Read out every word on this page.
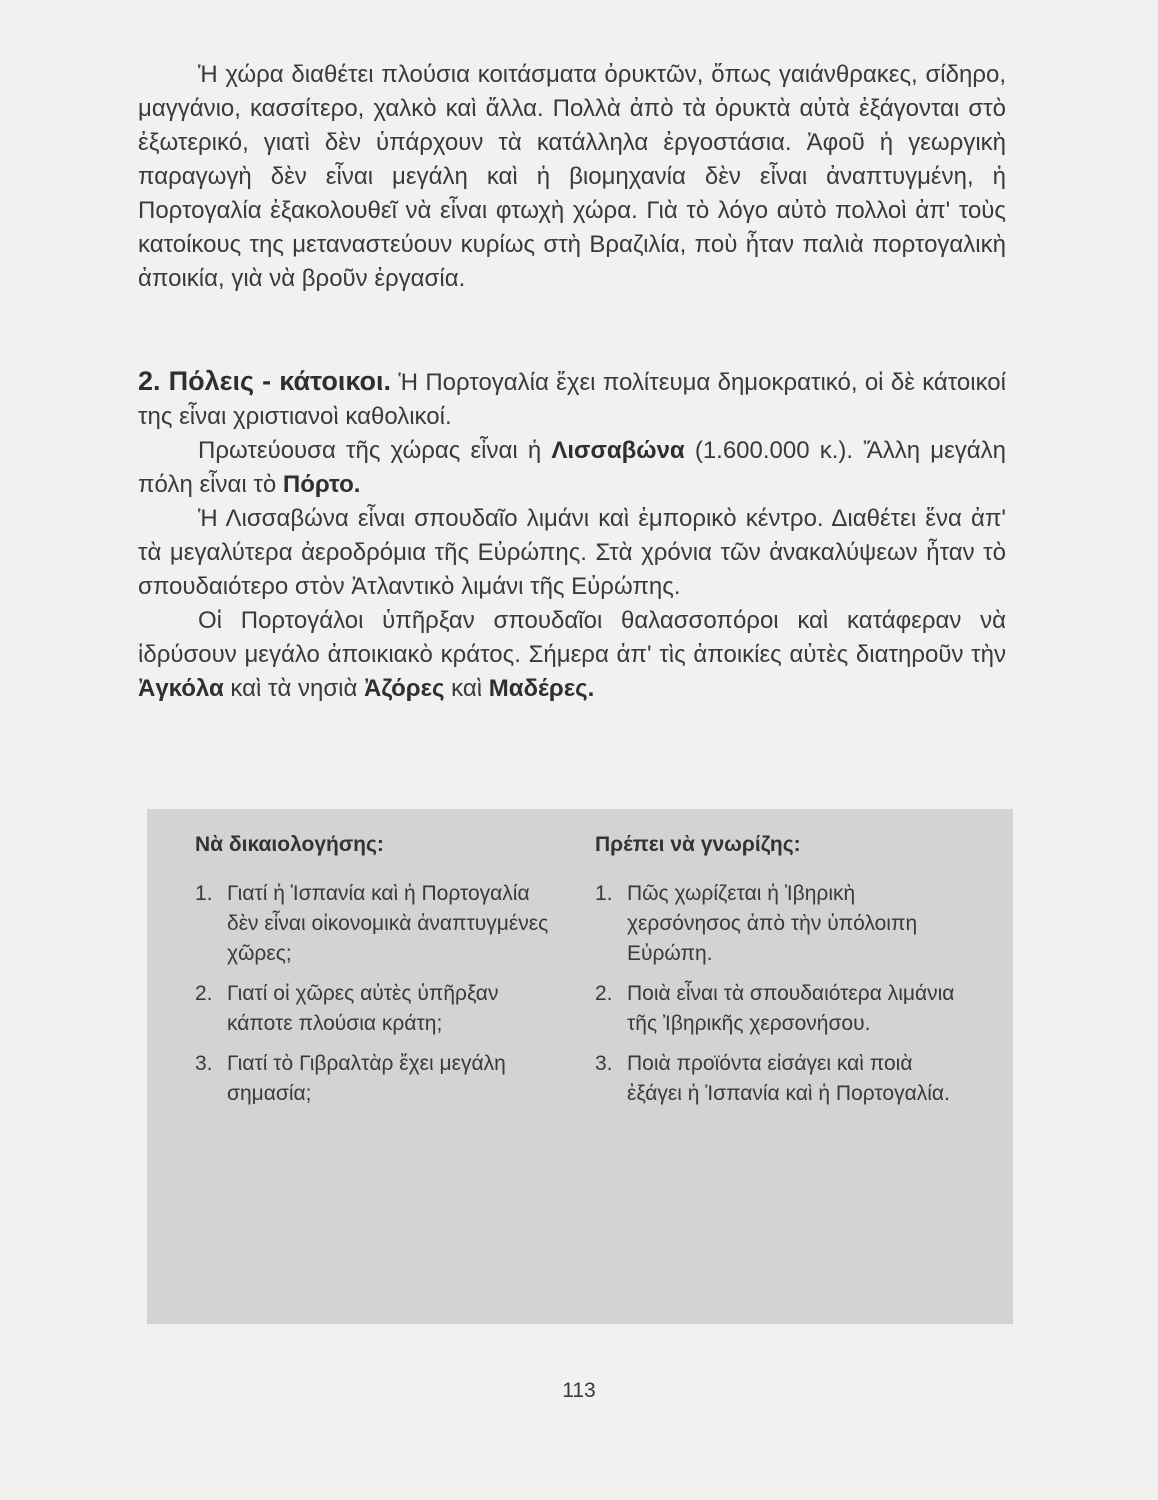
Ἡ χώρα διαθέτει πλούσια κοιτάσματα ὀρυκτῶν, ὅπως γαιάνθρακες, σίδηρο, μαγγάνιο, κασσίτερο, χαλκὸ καὶ ἄλλα. Πολλὰ ἀπὸ τὰ ὀρυκτὰ αὐτὰ ἐξάγονται στὸ ἐξωτερικό, γιατὶ δὲν ὑπάρχουν τὰ κατάλληλα ἐργοστάσια. Ἀφοῦ ἡ γεωργικὴ παραγωγὴ δὲν εἶναι μεγάλη καὶ ἡ βιομηχανία δὲν εἶναι ἀναπτυγμένη, ἡ Πορτογαλία ἐξακολουθεῖ νὰ εἶναι φτωχὴ χώρα. Γιὰ τὸ λόγο αὐτὸ πολλοὶ ἀπ' τοὺς κατοίκους της μεταναστεύουν κυρίως στὴ Βραζιλία, ποὺ ἦταν παλιὰ πορτογαλικὴ ἀποικία, γιὰ νὰ βροῦν ἐργασία.

2. Πόλεις - κάτοικοι. Ἡ Πορτογαλία ἔχει πολίτευμα δημοκρατικό, οἱ δὲ κάτοικοί της εἶναι χριστιανοὶ καθολικοί.

Πρωτεύουσα τῆς χώρας εἶναι ἡ Λισσαβώνα (1.600.000 κ.). Ἄλλη μεγάλη πόλη εἶναι τὸ Πόρτο.

Ἡ Λισσαβώνα εἶναι σπουδαῖο λιμάνι καὶ ἐμπορικὸ κέντρο. Διαθέτει ἕνα ἀπ' τὰ μεγαλύτερα ἀεροδρόμια τῆς Εὐρώπης. Στὰ χρόνια τῶν ἀνακαλύψεων ἦταν τὸ σπουδαιότερο στὸν Ἀτλαντικὸ λιμάνι τῆς Εὐρώπης.

Οἱ Πορτογάλοι ὑπῆρξαν σπουδαῖοι θαλασσοπόροι καὶ κατάφεραν νὰ ἱδρύσουν μεγάλο ἀποικιακὸ κράτος. Σήμερα ἀπ' τὶς ἀποικίες αὐτὲς διατηροῦν τὴν Ἀγκόλα καὶ τὰ νησιὰ Ἀζόρες καὶ Μαδέρες.

Νὰ δικαιολογήσης:
1. Γιατί ἡ Ἱσπανία καὶ ἡ Πορτογαλία δὲν εἶναι οἰκονομικὰ ἀναπτυγμένες χῶρες;
2. Γιατί οἱ χῶρες αὐτὲς ὑπῆρξαν κάποτε πλούσια κράτη;
3. Γιατί τὸ Γιβραλτὰρ ἔχει μεγάλη σημασία;
Πρέπει νὰ γνωρίζης:
1. Πῶς χωρίζεται ἡ Ἰβηρικὴ χερσόνησος ἀπὸ τὴν ὑπόλοιπη Εὐρώπη.
2. Ποιὰ εἶναι τὰ σπουδαιότερα λιμάνια τῆς Ἰβηρικῆς χερσονήσου.
3. Ποιὰ προϊόντα εἰσάγει καὶ ποιὰ ἐξάγει ἡ Ἱσπανία καὶ ἡ Πορτογαλία.
113
